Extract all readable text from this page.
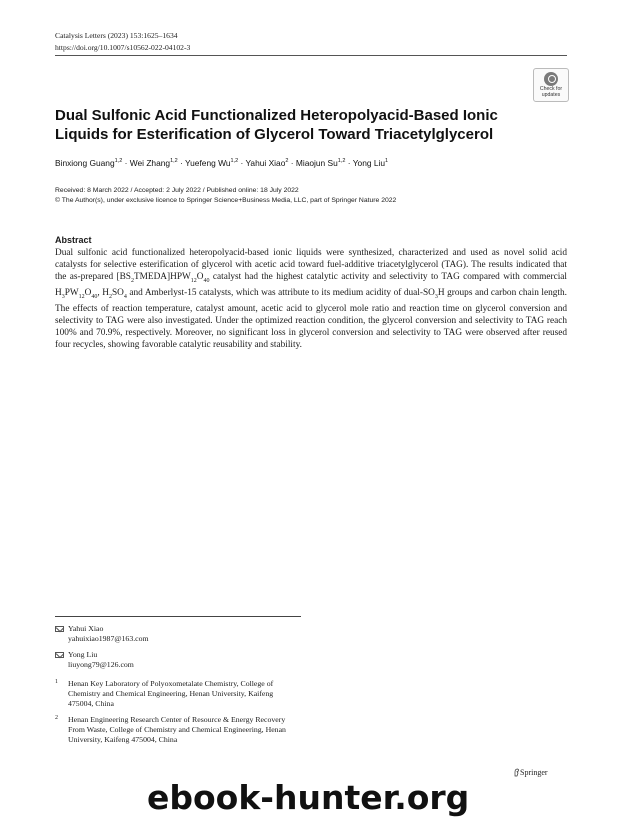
Catalysis Letters (2023) 153:1625–1634
https://doi.org/10.1007/s10562-022-04102-3
Check for
updates
Dual Sulfonic Acid Functionalized Heteropolyacid-Based Ionic Liquids for Esterification of Glycerol Toward Triacetylglycerol
Binxiong Guang$^{1,2}$ · Wei Zhang$^{1,2}$ · Yuefeng Wu$^{1,2}$ · Yahui Xiao$^2$ · Miaojun Su$^{1,2}$ · Yong Liu$^1$
Received: 8 March 2022 / Accepted: 2 July 2022 / Published online: 18 July 2022
© The Author(s), under exclusive licence to Springer Science+Business Media, LLC, part of Springer Nature 2022
Abstract
Dual sulfonic acid functionalized heteropolyacid-based ionic liquids were synthesized, characterized and used as novel solid acid catalysts for selective esterification of glycerol with acetic acid toward fuel-additive triacetylglycerol (TAG). The results indicated that the as-prepared $[BS_2TMEDA]HPW_{12}O_{40}$ catalyst had the highest catalytic activity and selectivity to TAG compared with commercial $H_3PW_{12}O_{40}$, $H_2SO_4$ and Amberlyst-15 catalysts, which was attribute to its medium acidity of dual-$SO_3H$ groups and carbon chain length. The effects of reaction temperature, catalyst amount, acetic acid to glycerol mole ratio and reaction time on glycerol conversion and selectivity to TAG were also investigated. Under the optimized reaction condition, the glycerol conversion and selectivity to TAG reach 100% and 70.9%, respectively. Moreover, no significant loss in glycerol conversion and selectivity to TAG were observed after reused four recycles, showing favorable catalytic reusability and stability.
Yahui Xiao
yahuixiao1987@163.com
Yong Liu
liuyong79@126.com
1 Henan Key Laboratory of Polyoxometalate Chemistry, College of Chemistry and Chemical Engineering, Henan University, Kaifeng 475004, China
2 Henan Engineering Research Center of Resource & Energy Recovery From Waste, College of Chemistry and Chemical Engineering, Henan University, Kaifeng 475004, China
Springer
ebook-hunter.org
